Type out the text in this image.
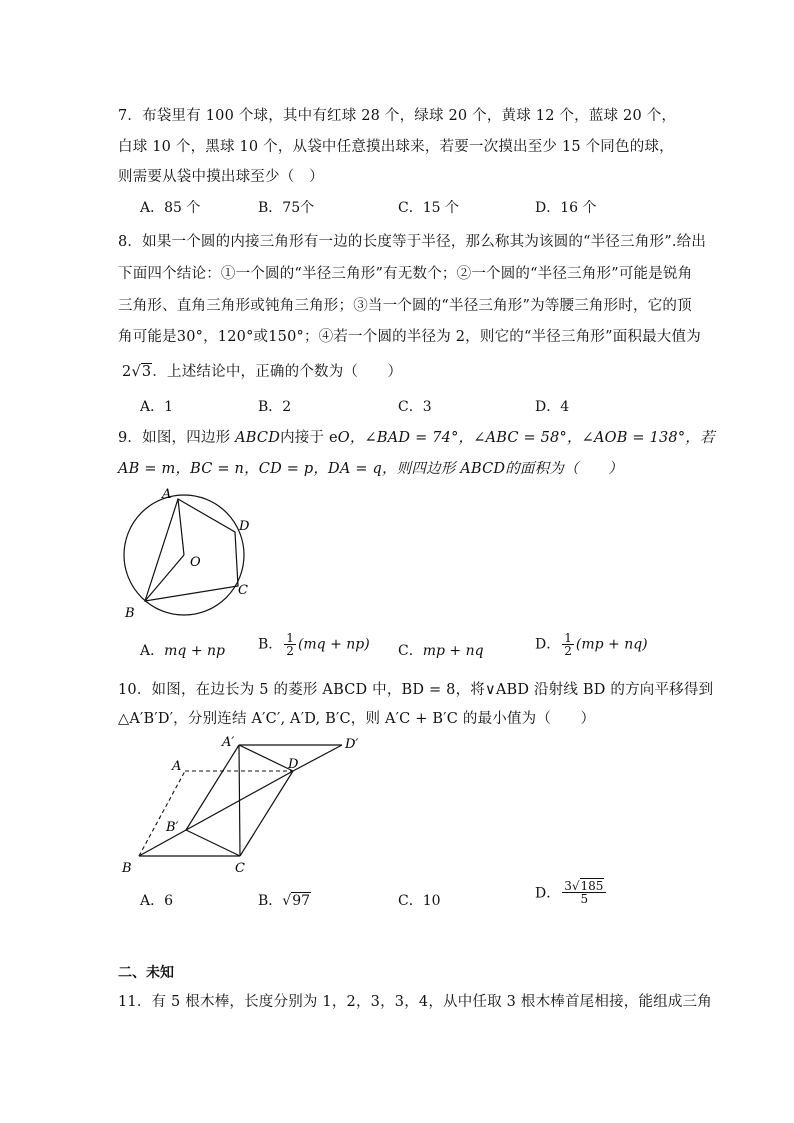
7．布袋里有 100 个球，其中有红球 28 个，绿球 20 个，黄球 12 个，蓝球 20 个，
白球 10 个，黑球 10 个，从袋中任意摸出球来，若要一次摸出至少 15 个同色的球，
则需要从袋中摸出球至少（　）
A．85 个	B．75个	C．15 个	D．16 个
8．如果一个圆的内接三角形有一边的长度等于半径，那么称其为该圆的“半径三角形”.给出
下面四个结论：①一个圆的“半径三角形”有无数个；②一个圆的“半径三角形”可能是锐角
三角形、直角三角形或钝角三角形；③当一个圆的“半径三角形”为等腰三角形时，它的顶
角可能是30°，120°或150°；④若一个圆的半径为 2，则它的“半径三角形”面积最大值为
2√3．上述结论中，正确的个数为（　　）
A．1	B．2	C．3	D．4
9．如图，四边形 ABCD内接于 eO，∠BAD = 74°，∠ABC = 58°，∠AOB = 138°，若
AB = m，BC = n，CD = p，DA = q，则四边形 ABCD的面积为（　　）
A
D
O
C
B
A．mq + np B． $\frac{1}{2} (mq + np)$ C．mp + nq	D． $\frac{1}{2} (mp + nq)$
10．如图，在边长为 5 的菱形 ABCD 中，BD = 8，将∨ABD 沿射线 BD 的方向平移得到
△A′B′D′，分别连结 A′C′, A′D, B′C，则 A′C + B′C 的最小值为（　　）
A′	D′
A	D
B′
B	C
A．6	B．√97	C．10	D． $\frac{3√185}{5}$
二、未知
11．有 5 根木棒，长度分别为 1，2，3，3，4，从中任取 3 根木棒首尾相接，能组成三角
